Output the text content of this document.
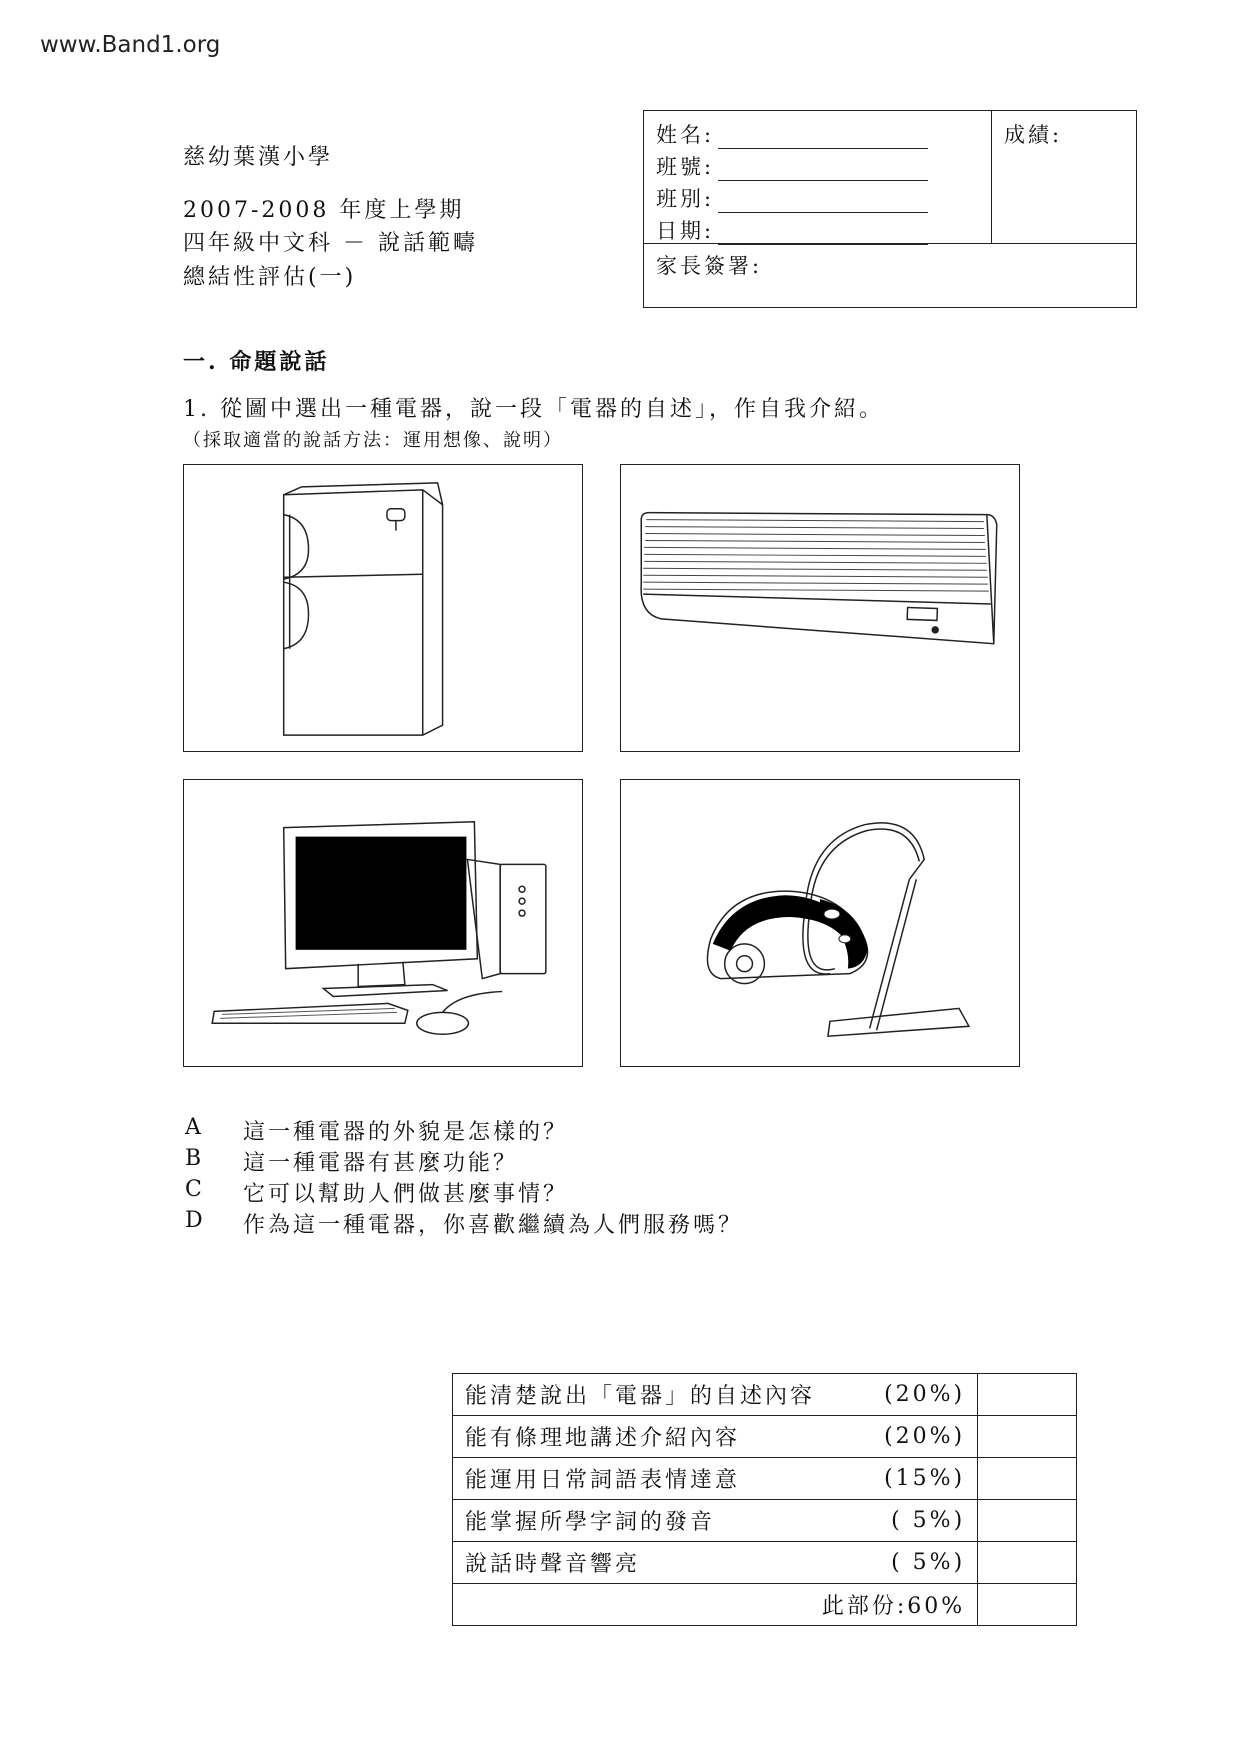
www.Band1.org
慈幼葉漢小學
2007-2008 年度上學期
四年級中文科 － 說話範疇
總結性評估(一)
姓名:
班號:
班別:
日期:
成績:
家長簽署:
一. 命題說話
1. 從圖中選出一種電器，說一段「電器的自述」，作自我介紹。
（採取適當的說話方法：運用想像、說明）
A	這一種電器的外貌是怎樣的？
B	這一種電器有甚麼功能？
C	它可以幫助人們做甚麼事情？
D	作為這一種電器，你喜歡繼續為人們服務嗎？
能清楚說出「電器」的自述內容 (20%)	

能有條理地講述介紹內容 (20%)	

能運用日常詞語表情達意 (15%)	

能掌握所學字詞的發音 ( 5%)	

說話時聲音響亮 ( 5%)	

此部份:60%	
